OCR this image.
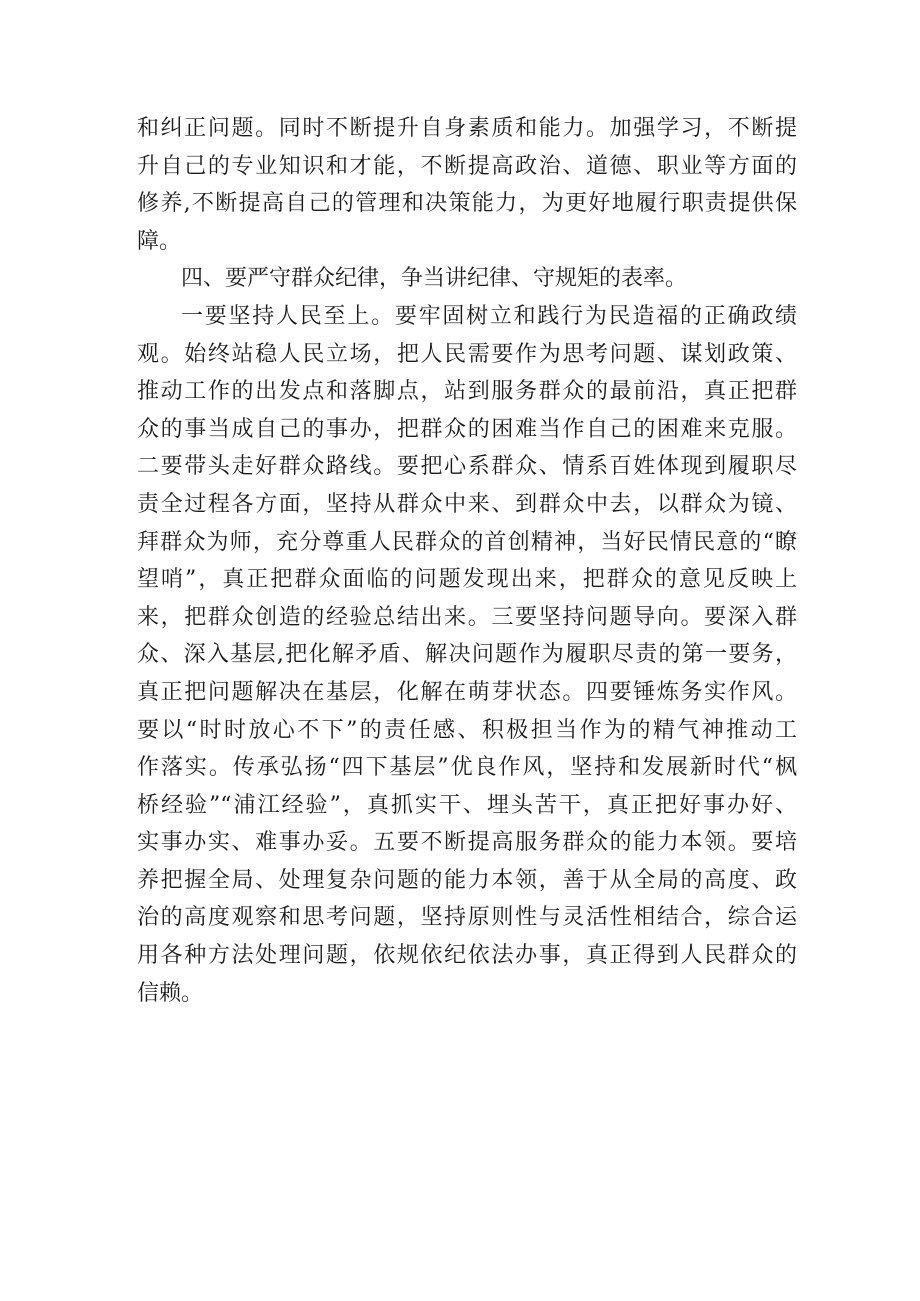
和纠正问题。同时不断提升自身素质和能力。加强学习，不断提
升自己的专业知识和才能，不断提高政治、道德、职业等方面的
修养,不断提高自己的管理和决策能力，为更好地履行职责提供保
障。
四、要严守群众纪律，争当讲纪律、守规矩的表率。
一要坚持人民至上。要牢固树立和践行为民造福的正确政绩
观。始终站稳人民立场，把人民需要作为思考问题、谋划政策、
推动工作的出发点和落脚点，站到服务群众的最前沿，真正把群
众的事当成自己的事办，把群众的困难当作自己的困难来克服。
二要带头走好群众路线。要把心系群众、情系百姓体现到履职尽
责全过程各方面，坚持从群众中来、到群众中去，以群众为镜、
拜群众为师，充分尊重人民群众的首创精神，当好民情民意的“瞭
望哨”，真正把群众面临的问题发现出来，把群众的意见反映上
来，把群众创造的经验总结出来。三要坚持问题导向。要深入群
众、深入基层,把化解矛盾、解决问题作为履职尽责的第一要务，
真正把问题解决在基层，化解在萌芽状态。四要锤炼务实作风。
要以“时时放心不下”的责任感、积极担当作为的精气神推动工
作落实。传承弘扬“四下基层”优良作风，坚持和发展新时代“枫
桥经验”“浦江经验”，真抓实干、埋头苦干，真正把好事办好、
实事办实、难事办妥。五要不断提高服务群众的能力本领。要培
养把握全局、处理复杂问题的能力本领，善于从全局的高度、政
治的高度观察和思考问题，坚持原则性与灵活性相结合，综合运
用各种方法处理问题，依规依纪依法办事，真正得到人民群众的
信赖。
